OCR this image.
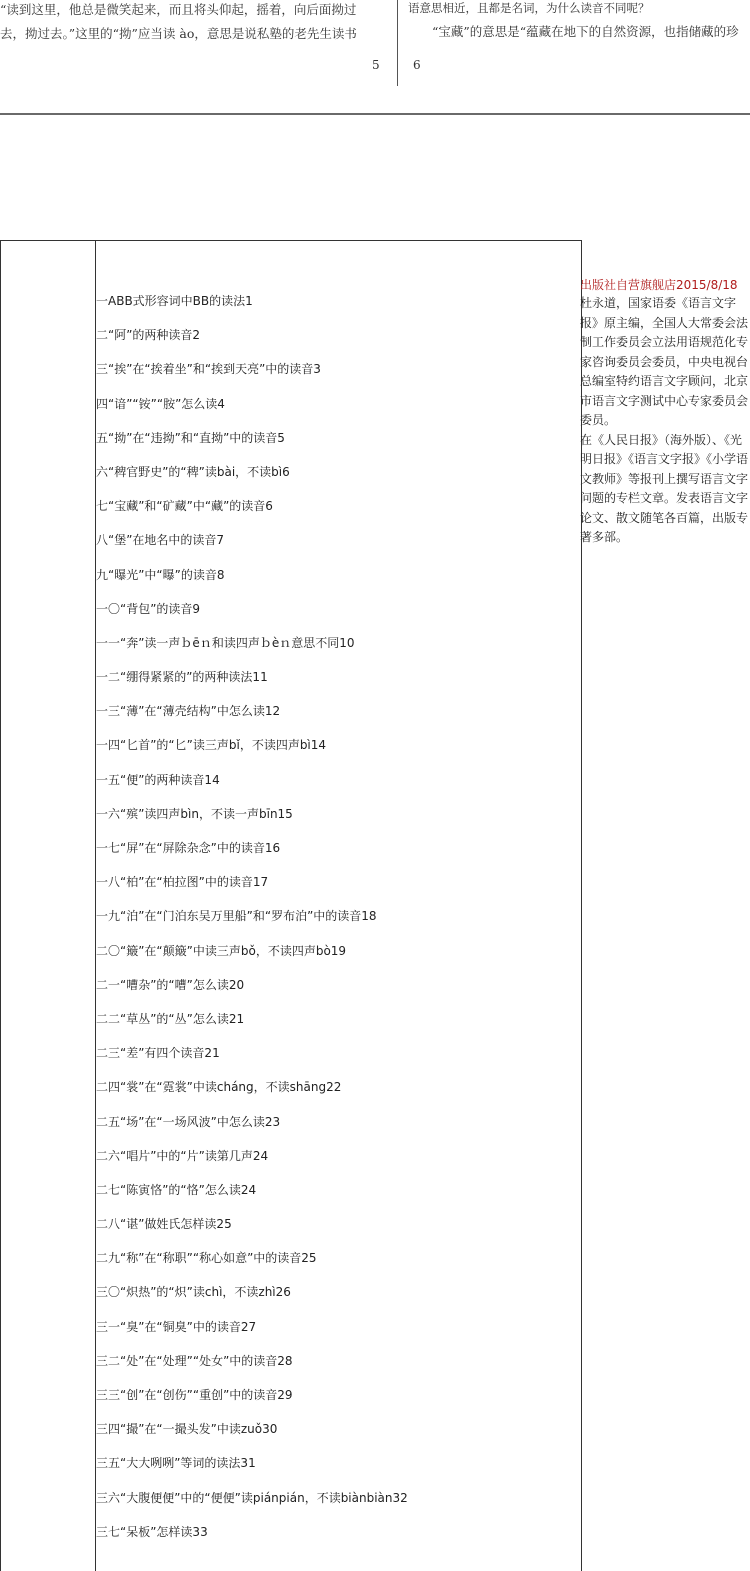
“读到这里，他总是微笑起来，而且将头仰起，摇着，向后面拗过

去，拗过去。”这里的“拗”应当读 ào，意思是说私塾的老先生读书

语意思相近，且都是名词，为什么读音不同呢？

“宝藏”的意思是“蕴藏在地下的自然资源，也指储藏的珍

5	6
一ABB式形容词中BB的读法1
二“阿”的两种读音2
三“挨”在“挨着坐”和“挨到天亮”中的读音3
四“谙”“铵”“胺”怎么读4
五“拗”在“违拗”和“直拗”中的读音5
六“稗官野史”的“稗”读bài，不读bì6
七“宝藏”和“矿藏”中“藏”的读音6
八“堡”在地名中的读音7
九“曝光”中“曝”的读音8
一〇“背包”的读音9
一一“奔”读一声ｂēｎ和读四声ｂèｎ意思不同10
一二“绷得紧紧的”的两种读法11
一三“薄”在“薄壳结构”中怎么读12
一四“匕首”的“匕”读三声bǐ，不读四声bì14
一五“便”的两种读音14
一六“殡”读四声bìn，不读一声bīn15
一七“屏”在“屏除杂念”中的读音16
一八“柏”在“柏拉图”中的读音17
一九“泊”在“门泊东吴万里船”和“罗布泊”中的读音18
二〇“簸”在“颠簸”中读三声bǒ，不读四声bò19
二一“嘈杂”的“嘈”怎么读20
二二“草丛”的“丛”怎么读21
二三“差”有四个读音21
二四“裳”在“霓裳”中读cháng，不读shāng22
二五“场”在“一场风波”中怎么读23
二六“唱片”中的“片”读第几声24
二七“陈寅恪”的“恪”怎么读24
二八“谌”做姓氏怎样读25
二九“称”在“称职”“称心如意”中的读音25
三〇“炽热”的“炽”读chì，不读zhì26
三一“臭”在“铜臭”中的读音27
三二“处”在“处理”“处女”中的读音28
三三“创”在“创伤”“重创”中的读音29
三四“撮”在“一撮头发”中读zuǒ30
三五“大大咧咧”等词的读法31
三六“大腹便便”中的“便便”读piánpián，不读biànbiàn32
三七“呆板”怎样读33

出版社自营旗舰店2015/8/18

杜永道，国家语委《语言文字报》原主编，全国人大常委会法制工作委员会立法用语规范化专家咨询委员会委员，中央电视台总编室特约语言文字顾问，北京市语言文字测试中心专家委员会委员。

在《人民日报》（海外版）、《光明日报》《语言文字报》《小学语文教师》等报刊上撰写语言文字问题的专栏文章。发表语言文字论文、散文随笔各百篇，出版专著多部。
